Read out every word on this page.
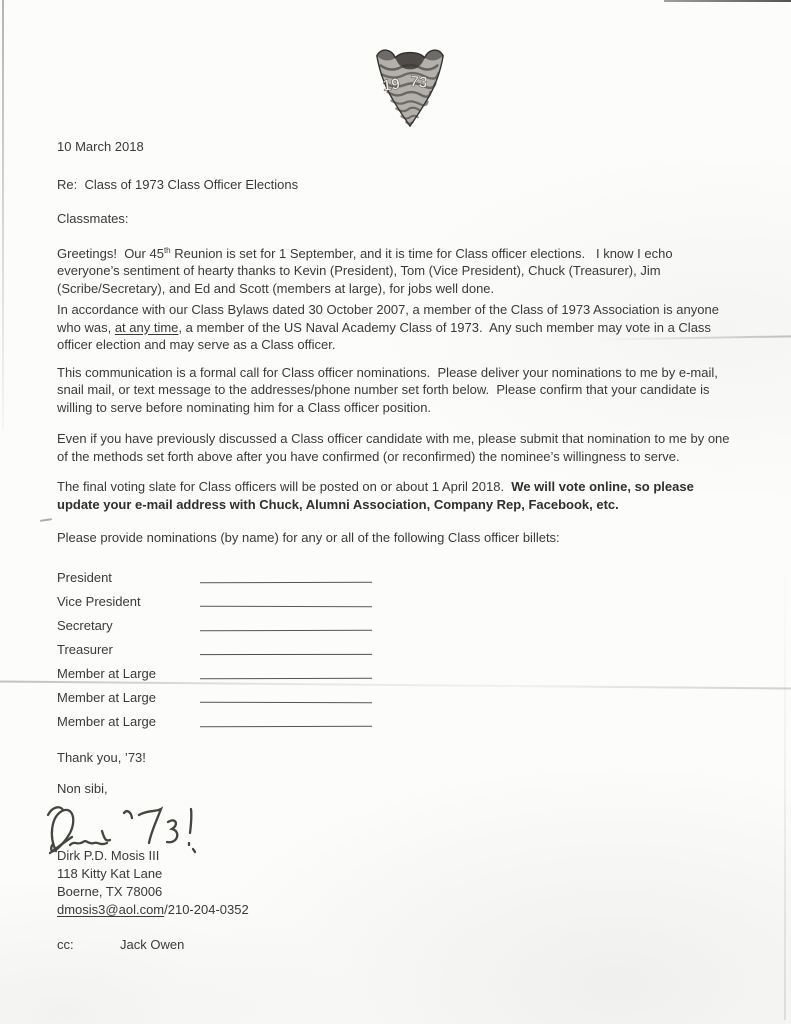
19 73

10 March 2018

Re:  Class of 1973 Class Officer Elections

Classmates:

Greetings!  Our 45th Reunion is set for 1 September, and it is time for Class officer elections.   I know I echo everyone’s sentiment of hearty thanks to Kevin (President), Tom (Vice President), Chuck (Treasurer), Jim (Scribe/Secretary), and Ed and Scott (members at large), for jobs well done.

In accordance with our Class Bylaws dated 30 October 2007, a member of the Class of 1973 Association is anyone who was, at any time, a member of the US Naval Academy Class of 1973.  Any such member may vote in a Class officer election and may serve as a Class officer.

This communication is a formal call for Class officer nominations.  Please deliver your nominations to me by e-mail, snail mail, or text message to the addresses/phone number set forth below.  Please confirm that your candidate is willing to serve before nominating him for a Class officer position.

Even if you have previously discussed a Class officer candidate with me, please submit that nomination to me by one of the methods set forth above after you have confirmed (or reconfirmed) the nominee’s willingness to serve.

The final voting slate for Class officers will be posted on or about 1 April 2018.  We will vote online, so please update your e-mail address with Chuck, Alumni Association, Company Rep, Facebook, etc.

Please provide nominations (by name) for any or all of the following Class officer billets:

President
Vice President
Secretary
Treasurer
Member at Large
Member at Large
Member at Large

Thank you, ’73!

Non sibi,

Dirk P.D. Mosis III

118 Kitty Kat Lane

Boerne, TX 78006

dmosis3@aol.com/210-204-0352

cc:	Jack Owen
